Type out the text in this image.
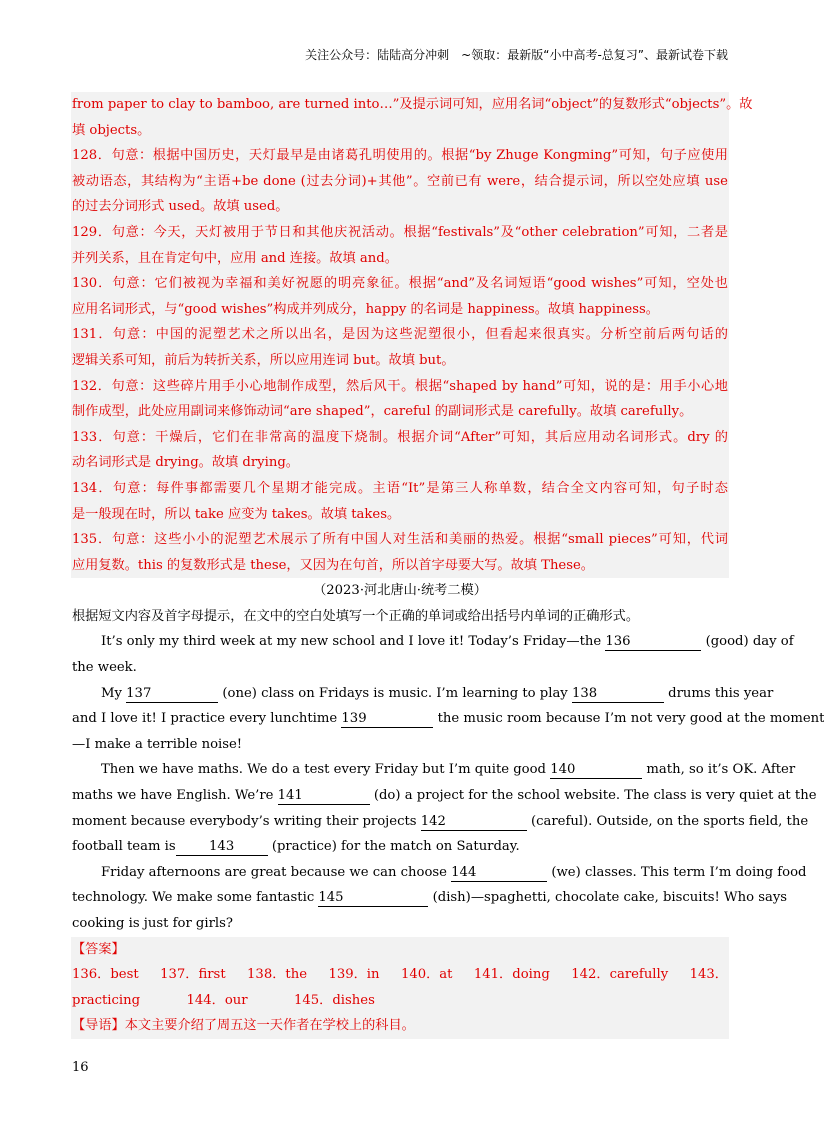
关注公众号：陆陆高分冲刺　~领取：最新版“小中高考-总复习”、最新试卷下载
from paper to clay to bamboo, are turned into…”及提示词可知，应用名词“object”的复数形式“objects”。故
填 objects。
128．句意：根据中国历史，天灯最早是由诸葛孔明使用的。根据“by Zhuge Kongming”可知，句子应使用
被动语态，其结构为“主语+be done (过去分词)+其他”。空前已有 were，结合提示词，所以空处应填 use
的过去分词形式 used。故填 used。
129．句意：今天，天灯被用于节日和其他庆祝活动。根据“festivals”及“other celebration”可知，二者是
并列关系，且在肯定句中，应用 and 连接。故填 and。
130．句意：它们被视为幸福和美好祝愿的明亮象征。根据“and”及名词短语“good wishes”可知，空处也
应用名词形式，与“good wishes”构成并列成分，happy 的名词是 happiness。故填 happiness。
131．句意：中国的泥塑艺术之所以出名，是因为这些泥塑很小，但看起来很真实。分析空前后两句话的
逻辑关系可知，前后为转折关系，所以应用连词 but。故填 but。
132．句意：这些碎片用手小心地制作成型，然后风干。根据“shaped by hand”可知，说的是：用手小心地
制作成型，此处应用副词来修饰动词“are shaped”，careful 的副词形式是 carefully。故填 carefully。
133．句意：干燥后，它们在非常高的温度下烧制。根据介词“After”可知，其后应用动名词形式。dry 的
动名词形式是 drying。故填 drying。
134．句意：每件事都需要几个星期才能完成。主语“It”是第三人称单数，结合全文内容可知，句子时态
是一般现在时，所以 take 应变为 takes。故填 takes。
135．句意：这些小小的泥塑艺术展示了所有中国人对生活和美丽的热爱。根据“small pieces”可知，代词
应用复数。this 的复数形式是 these，又因为在句首，所以首字母要大写。故填 These。
（2023·河北唐山·统考二模）
根据短文内容及首字母提示，在文中的空白处填写一个正确的单词或给出括号内单词的正确形式。
It’s only my third week at my new school and I love it! Today’s Friday—the 136	(good) day of
the week.
My 137	(one) class on Fridays is music. I’m learning to play 138	drums this year
and I love it! I practice every lunchtime 139	the music room because I’m not very good at the moment
—I make a terrible noise!
Then we have maths. We do a test every Friday but I’m quite good 140	math, so it’s OK. After
maths we have English. We’re 141	(do) a project for the school website. The class is very quiet at the
moment because everybody’s writing their projects 142	(careful). Outside, on the sports field, the
football team is	143	(practice) for the match on Saturday.
Friday afternoons are great because we can choose 144	(we) classes. This term I’m doing food
technology. We make some fantastic 145	(dish)—spaghetti, chocolate cake, biscuits! Who says
cooking is just for girls?
【答案】
136．best 137．first 138．the 139．in 140．at 141．doing 142．carefully 143．
practicing	144．our	145．dishes
【导语】本文主要介绍了周五这一天作者在学校上的科目。
16
